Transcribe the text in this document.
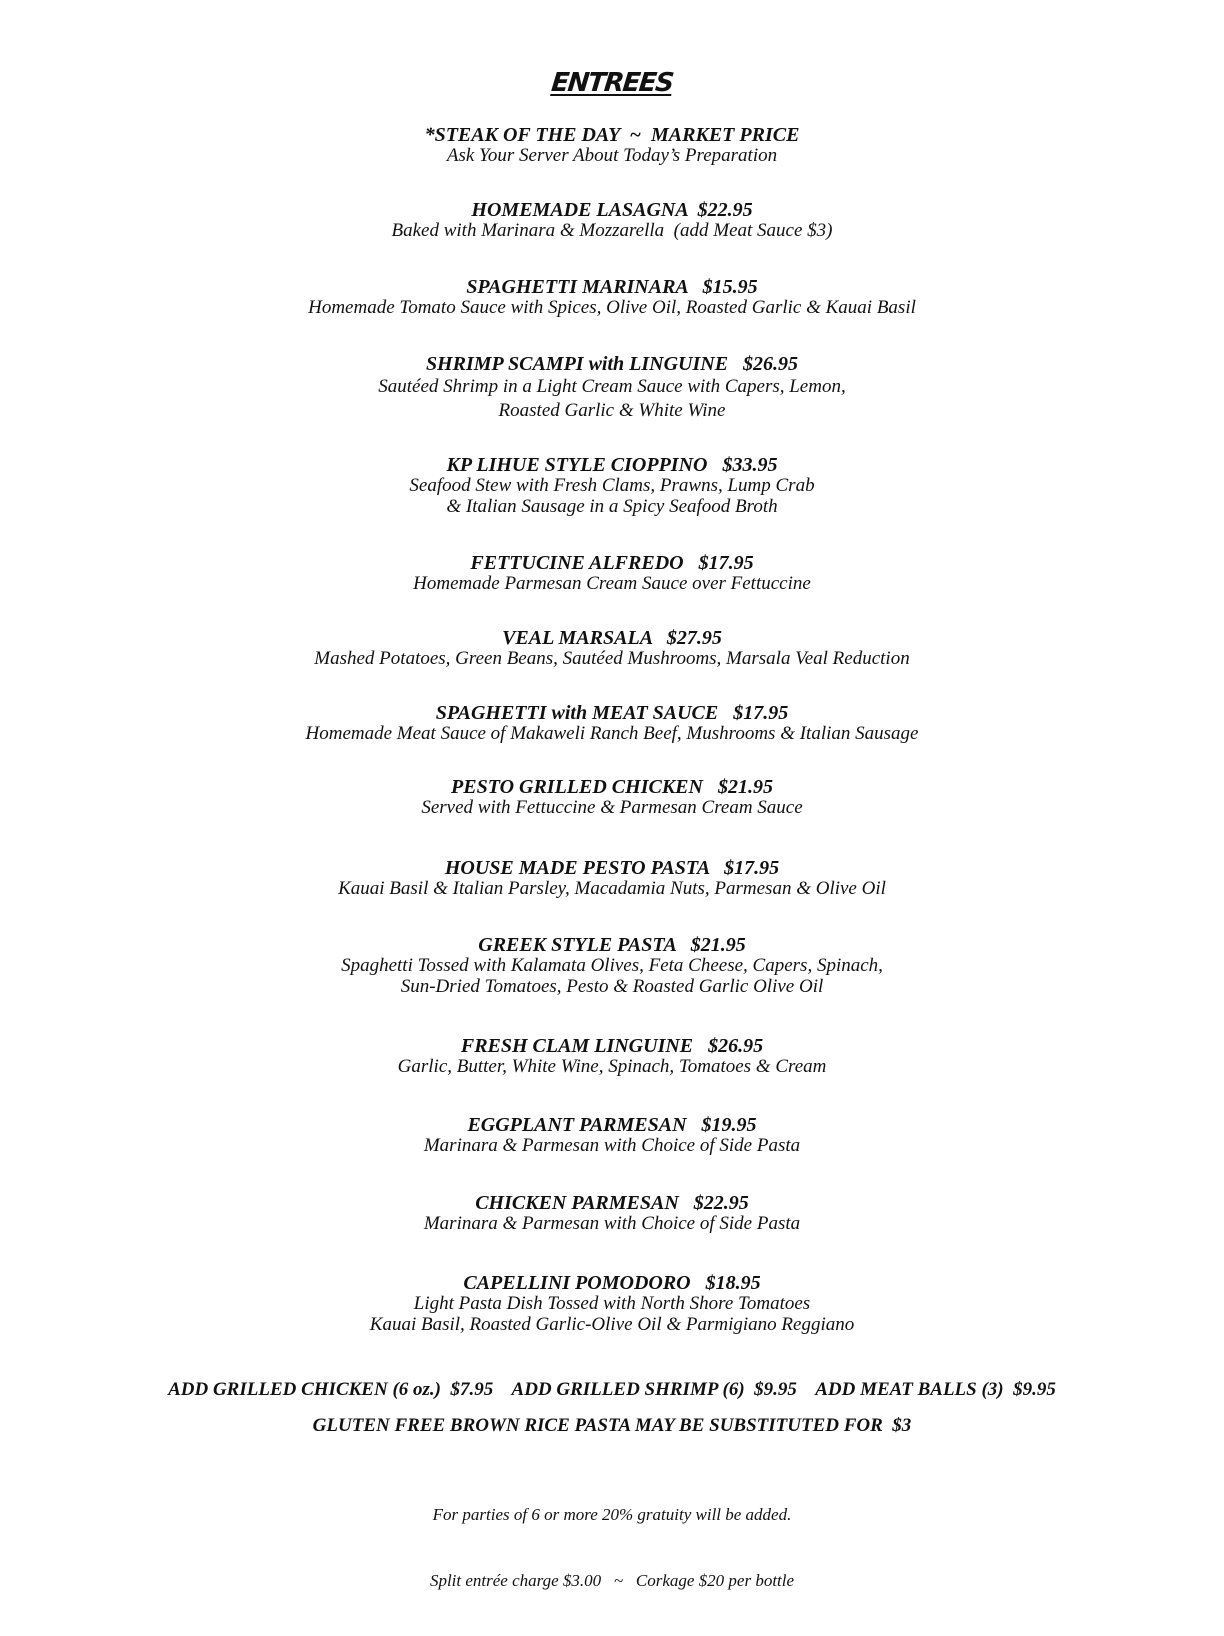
ENTREES
*STEAK OF THE DAY  ~  MARKET PRICE
Ask Your Server About Today’s Preparation
HOMEMADE LASAGNA  $22.95
Baked with Marinara & Mozzarella  (add Meat Sauce $3)
SPAGHETTI MARINARA   $15.95
Homemade Tomato Sauce with Spices, Olive Oil, Roasted Garlic & Kauai Basil
SHRIMP SCAMPI with LINGUINE   $26.95
Sautéed Shrimp in a Light Cream Sauce with Capers, Lemon,
Roasted Garlic & White Wine
KP LIHUE STYLE CIOPPINO   $33.95
Seafood Stew with Fresh Clams, Prawns, Lump Crab
& Italian Sausage in a Spicy Seafood Broth
FETTUCINE ALFREDO   $17.95
Homemade Parmesan Cream Sauce over Fettuccine
VEAL MARSALA   $27.95
Mashed Potatoes, Green Beans, Sautéed Mushrooms, Marsala Veal Reduction
SPAGHETTI with MEAT SAUCE   $17.95
Homemade Meat Sauce of Makaweli Ranch Beef, Mushrooms & Italian Sausage
PESTO GRILLED CHICKEN   $21.95
Served with Fettuccine & Parmesan Cream Sauce
HOUSE MADE PESTO PASTA   $17.95
Kauai Basil & Italian Parsley, Macadamia Nuts, Parmesan & Olive Oil
GREEK STYLE PASTA   $21.95
Spaghetti Tossed with Kalamata Olives, Feta Cheese, Capers, Spinach,
Sun-Dried Tomatoes, Pesto & Roasted Garlic Olive Oil
FRESH CLAM LINGUINE   $26.95
Garlic, Butter, White Wine, Spinach, Tomatoes & Cream
EGGPLANT PARMESAN   $19.95
Marinara & Parmesan with Choice of Side Pasta
CHICKEN PARMESAN   $22.95
Marinara & Parmesan with Choice of Side Pasta
CAPELLINI POMODORO   $18.95
Light Pasta Dish Tossed with North Shore Tomatoes
Kauai Basil, Roasted Garlic-Olive Oil & Parmigiano Reggiano
ADD GRILLED CHICKEN (6 oz.)  $7.95    ADD GRILLED SHRIMP (6)  $9.95    ADD MEAT BALLS (3)  $9.95
GLUTEN FREE BROWN RICE PASTA MAY BE SUBSTITUTED FOR  $3

For parties of 6 or more 20% gratuity will be added.

Split entrée charge $3.00   ~   Corkage $20 per bottle
